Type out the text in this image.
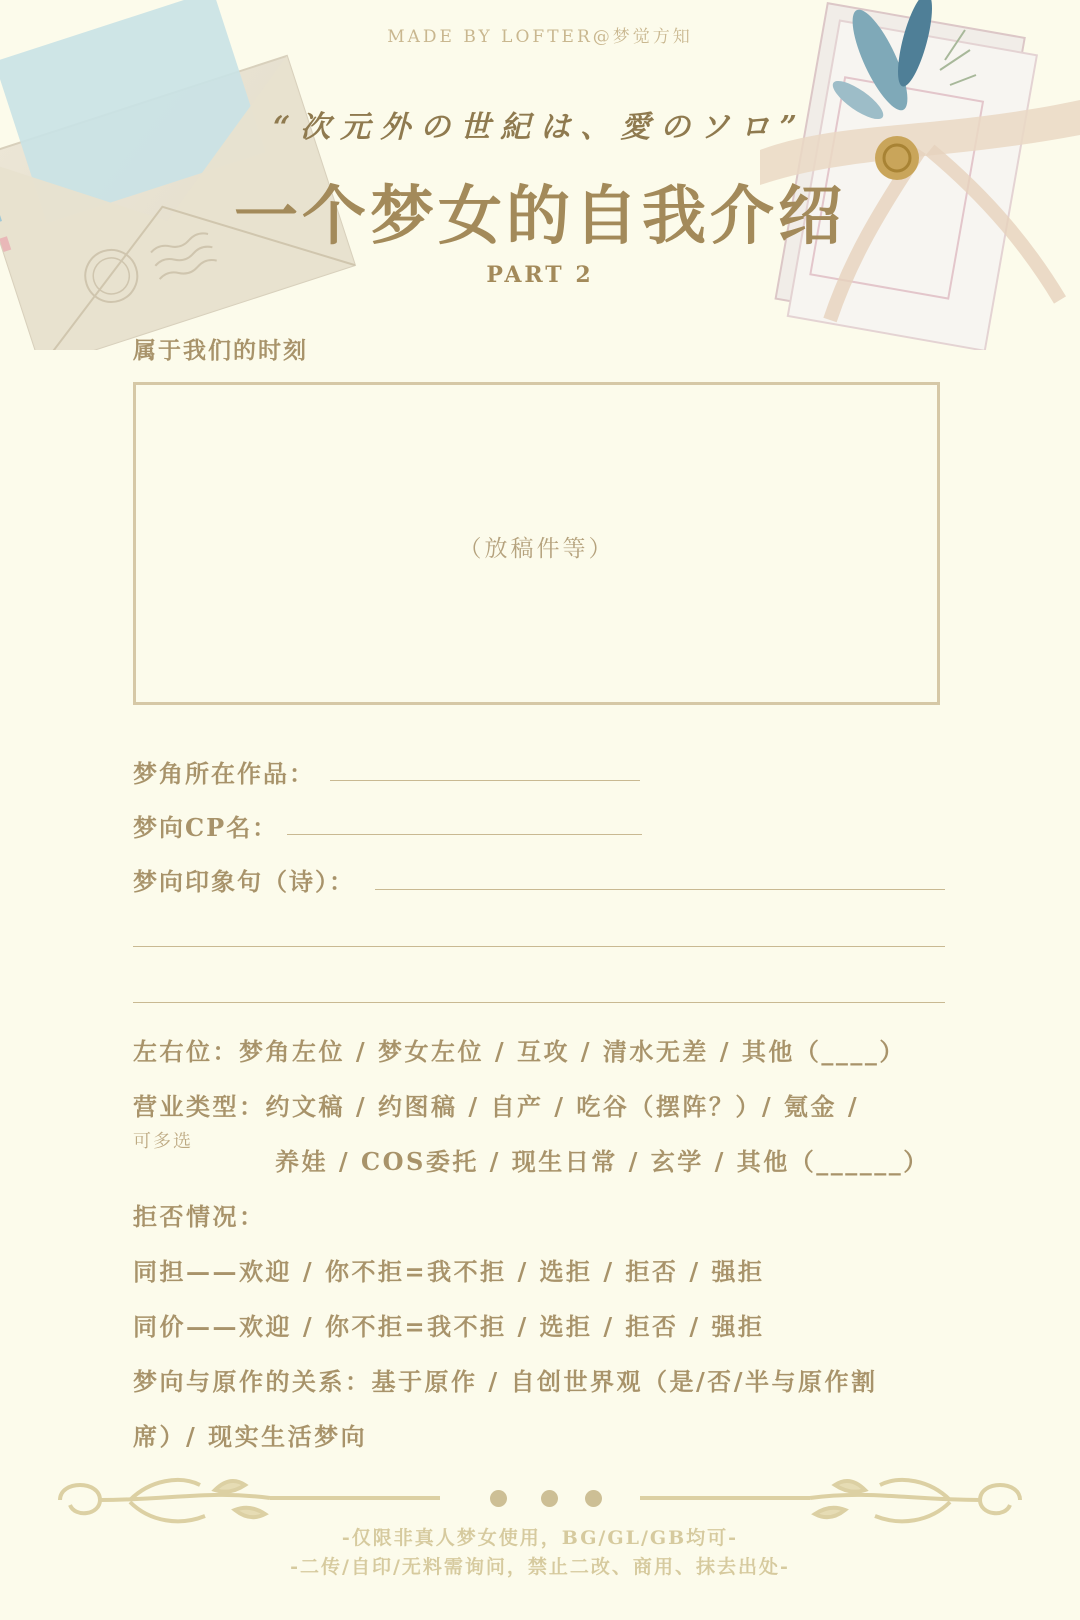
MADE BY LOFTER@梦觉方知
“次元外の世紀は、愛のソロ”
一个梦女的自我介绍
PART 2
属于我们的时刻
（放稿件等）
梦角所在作品：
梦向CP名：
梦向印象句（诗）：
左右位：梦角左位 / 梦女左位 / 互攻 / 清水无差 / 其他（____）
营业类型：约文稿 / 约图稿 / 自产 / 吃谷（摆阵？）/ 氪金 /
可多选
养娃 / COS委托 / 现生日常 / 玄学 / 其他（______）
拒否情况：
同担——欢迎 / 你不拒=我不拒 / 选拒 / 拒否 / 强拒
同价——欢迎 / 你不拒=我不拒 / 选拒 / 拒否 / 强拒
梦向与原作的关系：基于原作 / 自创世界观（是/否/半与原作割
席）/ 现实生活梦向
-仅限非真人梦女使用，BG/GL/GB均可-
-二传/自印/无料需询问，禁止二改、商用、抹去出处-
